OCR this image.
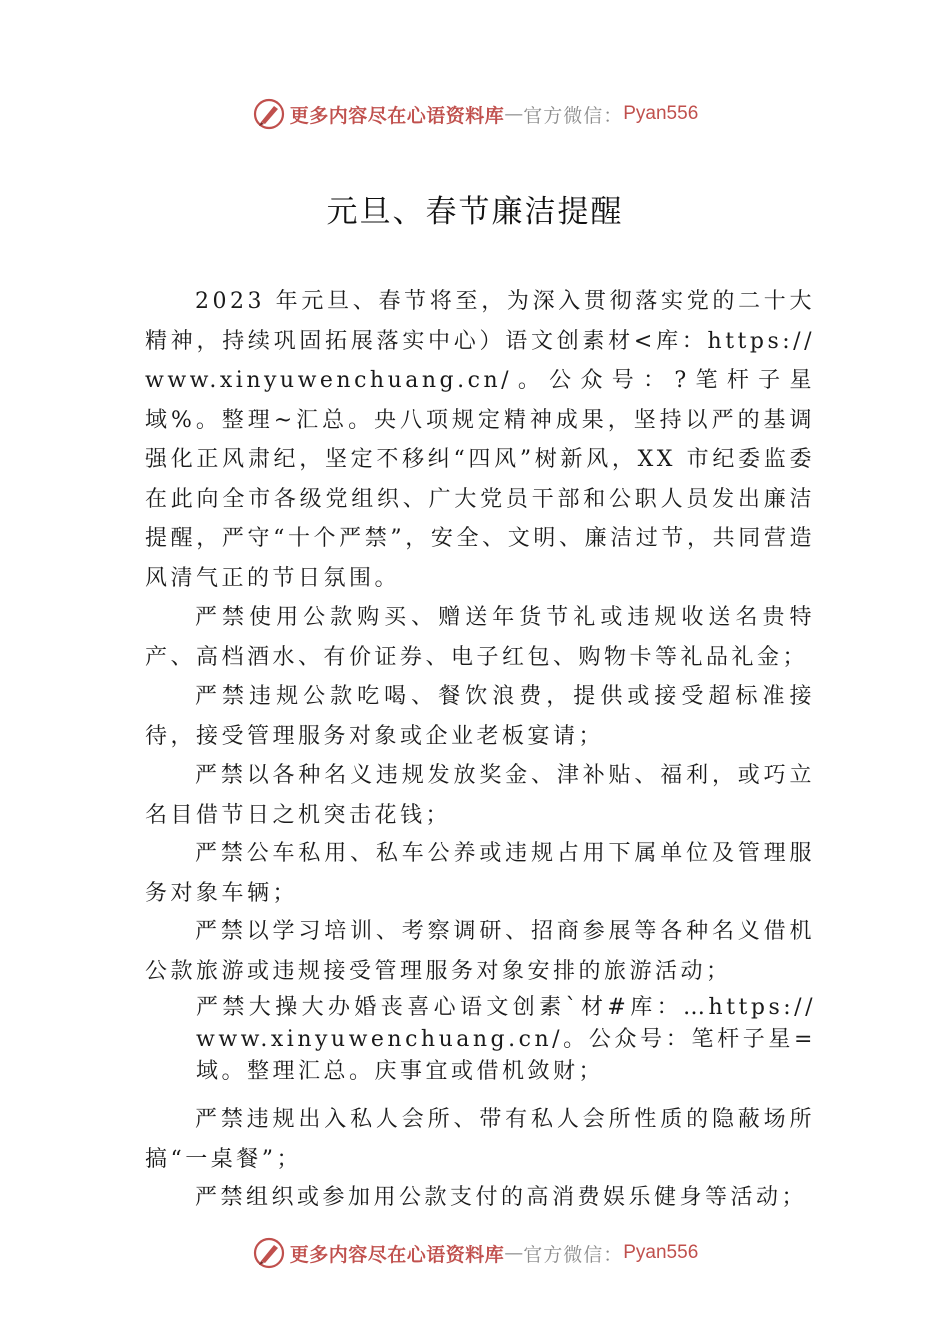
更多内容尽在心语资料库 — 官方微信： Pyan556
元旦、春节廉洁提醒
2023 年元旦、春节将至，为深入贯彻落实党的二十大精神，持续巩固拓展落实中心）语文创素材<库：https://www.xinyuwenchuang.cn/。公众号：?笔杆子星域%。整理~汇总。央八项规定精神成果，坚持以严的基调强化正风肃纪，坚定不移纠“四风”树新风，XX 市纪委监委在此向全市各级党组织、广大党员干部和公职人员发出廉洁提醒，严守“十个严禁”，安全、文明、廉洁过节，共同营造风清气正的节日氛围。
严禁使用公款购买、赠送年货节礼或违规收送名贵特产、高档酒水、有价证券、电子红包、购物卡等礼品礼金；
严禁违规公款吃喝、餐饮浪费，提供或接受超标准接待，接受管理服务对象或企业老板宴请；
严禁以各种名义违规发放奖金、津补贴、福利，或巧立名目借节日之机突击花钱；
严禁公车私用、私车公养或违规占用下属单位及管理服务对象车辆；
严禁以学习培训、考察调研、招商参展等各种名义借机公款旅游或违规接受管理服务对象安排的旅游活动；
严禁大操大办婚丧喜心语文创素`材#库：…https://www.xinyuwenchuang.cn/。公众号：笔杆子星=域。整理汇总。庆事宜或借机敛财；
严禁违规出入私人会所、带有私人会所性质的隐蔽场所搞“一桌餐”；
严禁组织或参加用公款支付的高消费娱乐健身等活动；
更多内容尽在心语资料库 — 官方微信： Pyan556
